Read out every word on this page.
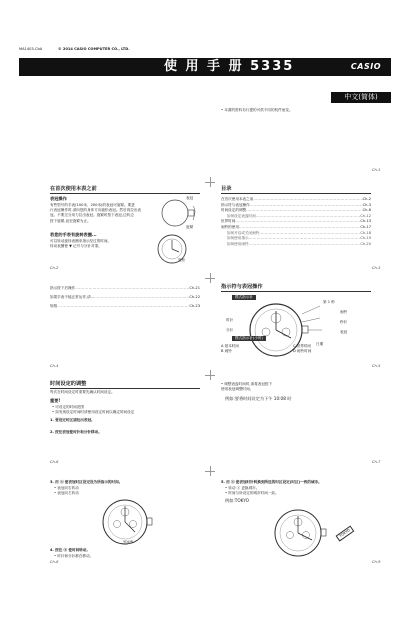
MA1403-CbA	© 2014 CASIO COMPUTER CO., LTD.
使 用 手 册 5335	CASIO
中文(简体)
• 本書的资料另行提的可供不同的机件而变。
Ch-1
在首次使用本表之前
表冠操作
有些型号的手表(100米、200米)的表冠可旋紧。要进
行表冠操作时,请向您的身体方向旋松表冠。然后再拉出表
冠。不要过分用力拉出表冠。旋紧时按下表冠,边转边
按下旋紧,直至旋紧为止。
表冠
旋紧
若您的手表有旋转表圈...
可以转动旋转表圈来指示经过的时间。
转动表圈使 ▼ 记号与分针对准。
旋松
Ch-2
目录
在首次使用本表之前 .....	Ch-2
指示符与表冠操作 .....	Ch-3
时间设定的调整 .....	Ch-6
如何设定表盘时间 .....	Ch-12
世界时间 .....	Ch-13
闹铃的使用 .....	Ch-17
如何开启或关闭闹铃 .....	Ch-18
如何使用指示 .....	Ch-19
如何使用闹铃 .....	Ch-20
Ch-3
指示按下后操作 .....	Ch-21
如果手表不能正常运作,请... .....	Ch-22
规格 .....	Ch-23
Ch-4
指示符与表冠操作
模式指示针
时针
分针
第 1 秒
闹铃
秒针
表冠
日期
模式指示针(小时)
A 基本时间
B 闹铃
C 世界时间
D 闹铃时间
Ch-5
时间设定的调整
每次在时间设定时需要先确认时间设定。
重要!
• 可设定的时间范围
• 如发现设定时间时请使用设定时间以确定时间设定
1. 要设定时区请拉出表冠。
2. 按住表冠使时针和分针移动。
Ch-6
• 调整表盘时间时,请将表冠按下
使用表冠调整时间。
例如:要将时间设定为下午 10:08 时
Ch-7
3. 用 ⓐ 使表冠时区设定设为所指示的时间。
• 表冠向右转动
• 表冠向左转动
YOUR
4. 按住 ⓐ 使时间转动。
• 时针和分针都在移动。
Ch-8
5. 用 ⓐ 使表冠时针转换到所选的时区设定(时区)一致的城市。
• 转动 ⓐ 更换城市。
• 时间与所设定的城市时间一致。
例如:TOKYO
TOKYO
Ch-9
